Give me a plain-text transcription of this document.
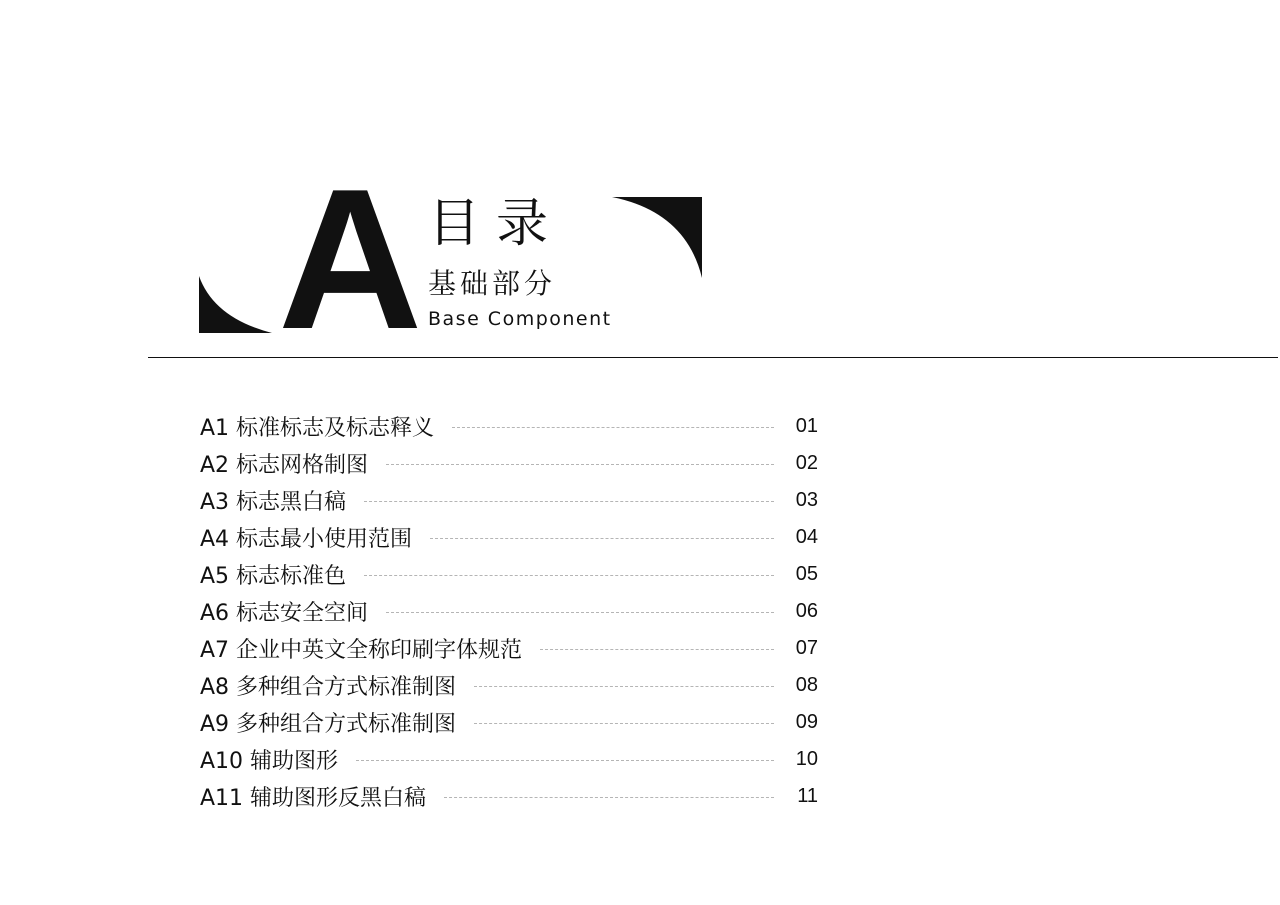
A 目录
基础部分
Base Component
A1 标准标志及标志释义	01
A2 标志网格制图	02
A3 标志黑白稿	03
A4 标志最小使用范围	04
A5 标志标准色	05
A6 标志安全空间	06
A7 企业中英文全称印刷字体规范	07
A8 多种组合方式标准制图	08
A9 多种组合方式标准制图	09
A10 辅助图形	10
A11 辅助图形反黑白稿	11
